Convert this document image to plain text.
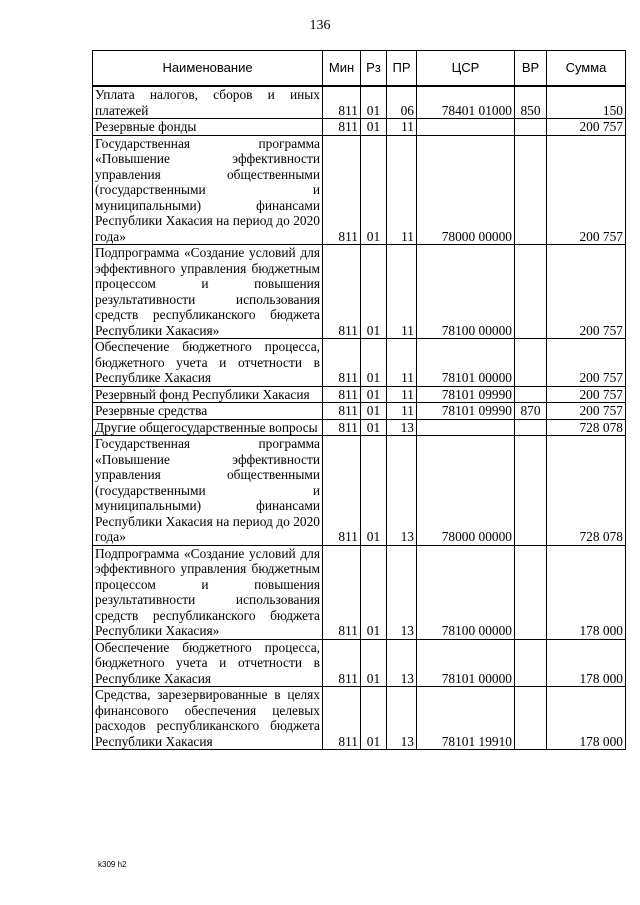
136
Наименование	Мин	Рз	ПР	ЦСР	ВР	Сумма
Уплата налогов, сборов и иных платежей	811	01	06	78401 01000	850	150
Резервные фонды	811	01	11			200 757
Государственная программа «Повышение эффективности управления общественными (государственными и муниципальными) финансами Республики Хакасия на период до 2020 года»	811	01	11	78000 00000		200 757
Подпрограмма «Создание условий для эффективного управления бюджетным процессом и повышения результативности использования средств республиканского бюджета Республики Хакасия»	811	01	11	78100 00000		200 757
Обеспечение бюджетного процесса, бюджетного учета и отчетности в Республике Хакасия	811	01	11	78101 00000		200 757
Резервный фонд Республики Хакасия	811	01	11	78101 09990		200 757
Резервные средства	811	01	11	78101 09990	870	200 757
Другие общегосударственные вопросы	811	01	13			728 078
Государственная программа «Повышение эффективности управления общественными (государственными и муниципальными) финансами Республики Хакасия на период до 2020 года»	811	01	13	78000 00000		728 078
Подпрограмма «Создание условий для эффективного управления бюджетным процессом и повышения результативности использования средств республиканского бюджета Республики Хакасия»	811	01	13	78100 00000		178 000
Обеспечение бюджетного процесса, бюджетного учета и отчетности в Республике Хакасия	811	01	13	78101 00000		178 000
Средства, зарезервированные в целях финансового обеспечения целевых расходов республиканского бюджета Республики Хакасия	811	01	13	78101 19910		178 000
k309 h2
